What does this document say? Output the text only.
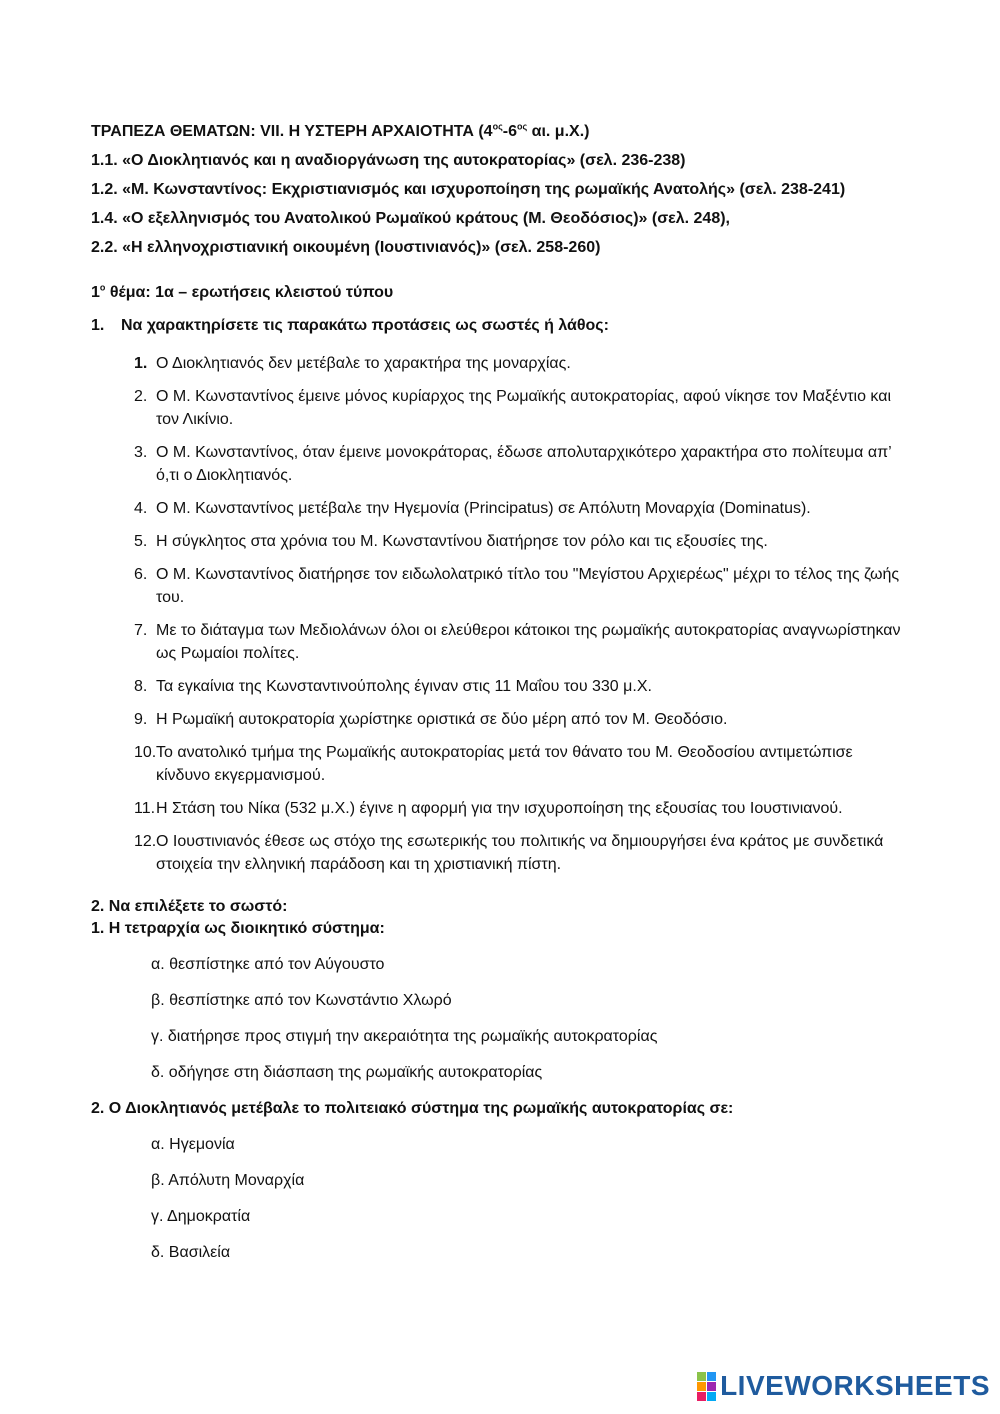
ΤΡΑΠΕΖΑ ΘΕΜΑΤΩΝ: VII. Η ΥΣΤΕΡΗ ΑΡΧΑΙΟΤΗΤΑ ($4^{o\varsigma}-6^{o\varsigma}$ αι. μ.Χ.)

1.1. «Ο Διοκλητιανός και η αναδιοργάνωση της αυτοκρατορίας» (σελ. 236-238)

1.2. «Μ. Κωνσταντίνος: Εκχριστιανισμός και ισχυροποίηση της ρωμαϊκής Ανατολής» (σελ. 238-241)

1.4. «Ο εξελληνισμός του Ανατολικού Ρωμαϊκού κράτους (Μ. Θεοδόσιος)» (σελ. 248),

2.2. «Η ελληνοχριστιανική οικουμένη (Ιουστινιανός)» (σελ. 258-260)

$1^o$ θέμα: 1α – ερωτήσεις κλειστού τύπου
1. Να χαρακτηρίσετε τις παρακάτω προτάσεις ως σωστές ή λάθος:
1. Ο Διοκλητιανός δεν μετέβαλε το χαρακτήρα της μοναρχίας.
2. Ο Μ. Κωνσταντίνος έμεινε μόνος κυρίαρχος της Ρωμαϊκής αυτοκρατορίας, αφού νίκησε τον Μαξέντιο και τον Λικίνιο.
3. Ο Μ. Κωνσταντίνος, όταν έμεινε μονοκράτορας, έδωσε απολυταρχικότερο χαρακτήρα στο πολίτευμα απ’ ό,τι ο Διοκλητιανός.
4. Ο Μ. Κωνσταντίνος μετέβαλε την Ηγεμονία (Principatus) σε Απόλυτη Μοναρχία (Dominatus).
5. Η σύγκλητος στα χρόνια του Μ. Κωνσταντίνου διατήρησε τον ρόλο και τις εξουσίες της.
6. Ο Μ. Κωνσταντίνος διατήρησε τον ειδωλολατρικό τίτλο του "Μεγίστου Αρχιερέως" μέχρι το τέλος της ζωής του.
7. Με το διάταγμα των Μεδιολάνων όλοι οι ελεύθεροι κάτοικοι της ρωμαϊκής αυτοκρατορίας αναγνωρίστηκαν ως Ρωμαίοι πολίτες.
8. Τα εγκαίνια της Κωνσταντινούπολης έγιναν στις 11 Μαΐου του 330 μ.Χ.
9. Η Ρωμαϊκή αυτοκρατορία χωρίστηκε οριστικά σε δύο μέρη από τον Μ. Θεοδόσιο.
10. Το ανατολικό τμήμα της Ρωμαϊκής αυτοκρατορίας μετά τον θάνατο του Μ. Θεοδοσίου αντιμετώπισε κίνδυνο εκγερμανισμού.
11. Η Στάση του Νίκα (532 μ.Χ.) έγινε η αφορμή για την ισχυροποίηση της εξουσίας του Ιουστινιανού.
12. Ο Ιουστινιανός έθεσε ως στόχο της εσωτερικής του πολιτικής να δημιουργήσει ένα κράτος με συνδετικά στοιχεία την ελληνική παράδοση και τη χριστιανική πίστη.

2. Να επιλέξετε το σωστό:

1. Η τετραρχία ως διοικητικό σύστημα:

α. θεσπίστηκε από τον Αύγουστο
β. θεσπίστηκε από τον Κωνστάντιο Χλωρό
γ. διατήρησε προς στιγμή την ακεραιότητα της ρωμαϊκής αυτοκρατορίας
δ. οδήγησε στη διάσπαση της ρωμαϊκής αυτοκρατορίας

2. Ο Διοκλητιανός μετέβαλε το πολιτειακό σύστημα της ρωμαϊκής αυτοκρατορίας σε:

α. Ηγεμονία
β. Απόλυτη Μοναρχία
γ. Δημοκρατία
δ. Βασιλεία
LIVEWORKSHEETS
